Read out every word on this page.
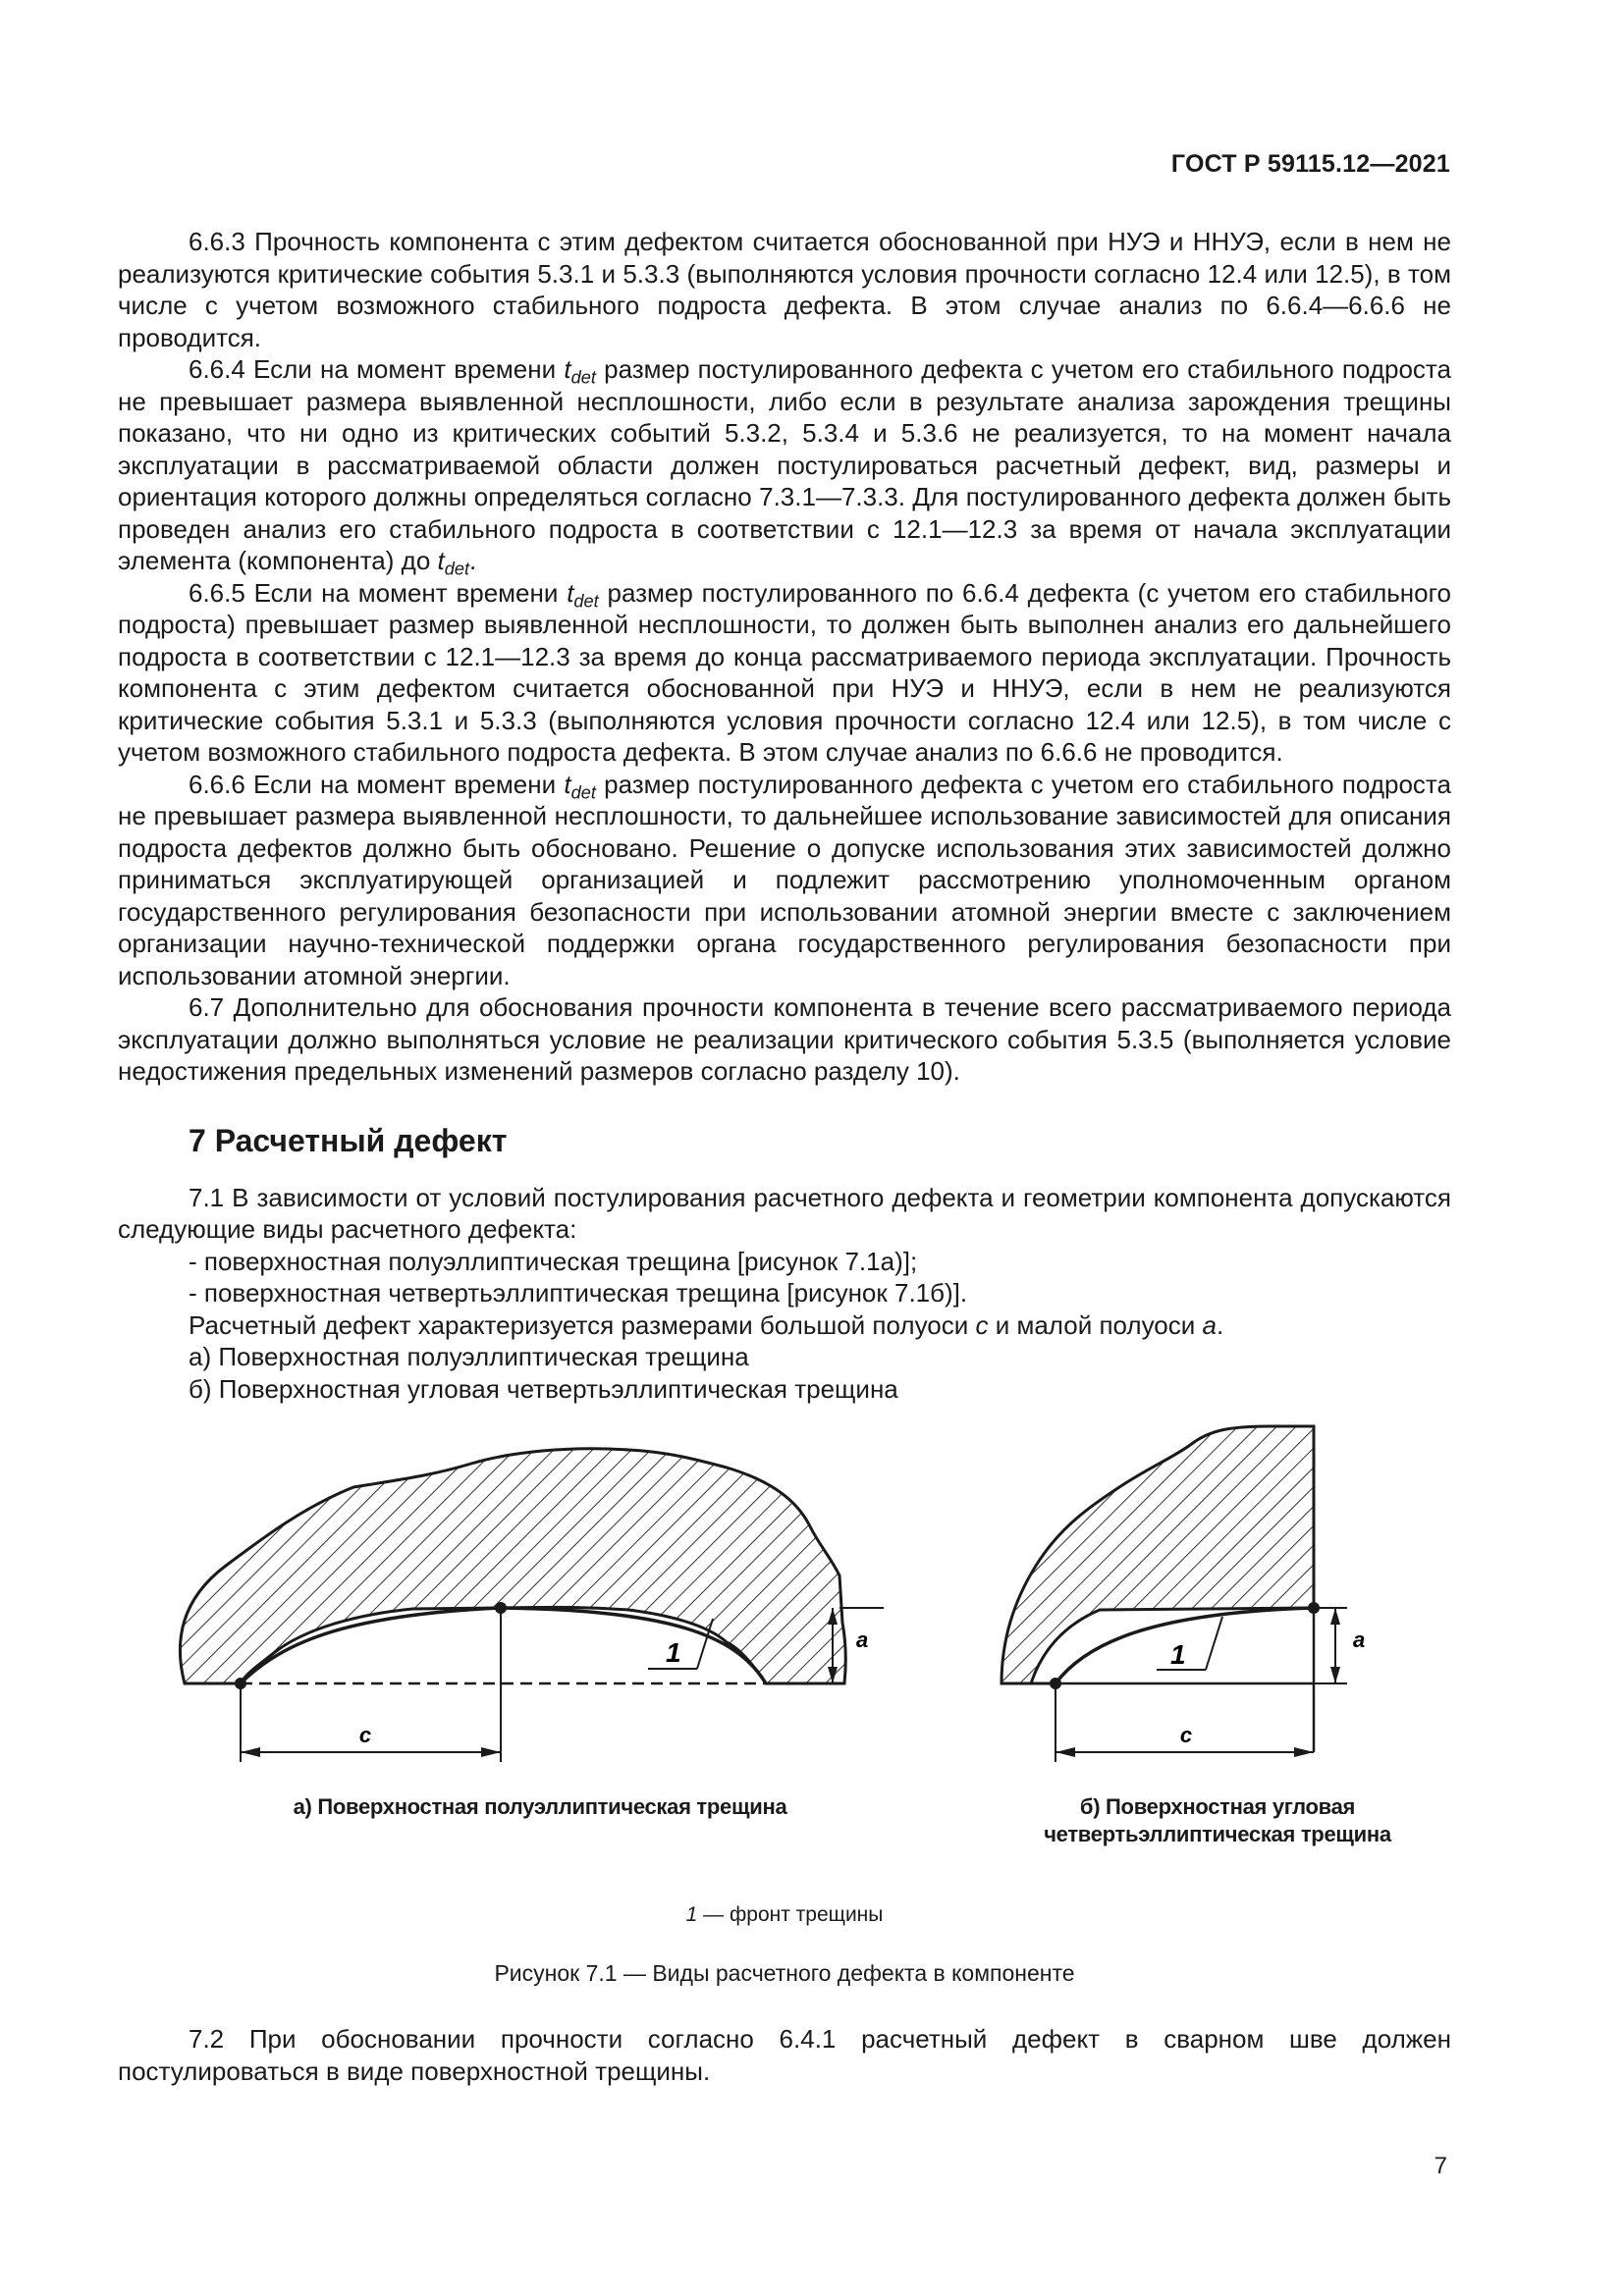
ГОСТ Р 59115.12—2021

6.6.3 Прочность компонента с этим дефектом считается обоснованной при НУЭ и ННУЭ, если в нем не реализуются критические события 5.3.1 и 5.3.3 (выполняются условия прочности согласно 12.4 или 12.5), в том числе с учетом возможного стабильного подроста дефекта. В этом случае анализ по 6.6.4—6.6.6 не проводится.

6.6.4 Если на момент времени $t_{det}$ размер постулированного дефекта с учетом его стабильного подроста не превышает размера выявленной несплошности, либо если в результате анализа зарождения трещины показано, что ни одно из критических событий 5.3.2, 5.3.4 и 5.3.6 не реализуется, то на момент начала эксплуатации в рассматриваемой области должен постулироваться расчетный дефект, вид, размеры и ориентация которого должны определяться согласно 7.3.1—7.3.3. Для постулированного дефекта должен быть проведен анализ его стабильного подроста в соответствии с 12.1—12.3 за время от начала эксплуатации элемента (компонента) до $t_{det}$.

6.6.5 Если на момент времени $t_{det}$ размер постулированного по 6.6.4 дефекта (с учетом его стабильного подроста) превышает размер выявленной несплошности, то должен быть выполнен анализ его дальнейшего подроста в соответствии с 12.1—12.3 за время до конца рассматриваемого периода эксплуатации. Прочность компонента с этим дефектом считается обоснованной при НУЭ и ННУЭ, если в нем не реализуются критические события 5.3.1 и 5.3.3 (выполняются условия прочности согласно 12.4 или 12.5), в том числе с учетом возможного стабильного подроста дефекта. В этом случае анализ по 6.6.6 не проводится.

6.6.6 Если на момент времени $t_{det}$ размер постулированного дефекта с учетом его стабильного подроста не превышает размера выявленной несплошности, то дальнейшее использование зависимостей для описания подроста дефектов должно быть обосновано. Решение о допуске использования этих зависимостей должно приниматься эксплуатирующей организацией и подлежит рассмотрению уполномоченным органом государственного регулирования безопасности при использовании атомной энергии вместе с заключением организации научно-технической поддержки органа государственного регулирования безопасности при использовании атомной энергии.

6.7 Дополнительно для обоснования прочности компонента в течение всего рассматриваемого периода эксплуатации должно выполняться условие не реализации критического события 5.3.5 (выполняется условие недостижения предельных изменений размеров согласно разделу 10).

7 Расчетный дефект

7.1 В зависимости от условий постулирования расчетного дефекта и геометрии компонента допускаются следующие виды расчетного дефекта:

- поверхностная полуэллиптическая трещина [рисунок 7.1а)];

- поверхностная четвертьэллиптическая трещина [рисунок 7.1б)].

Расчетный дефект характеризуется размерами большой полуоси c и малой полуоси a.

а) Поверхностная полуэллиптическая трещина

б) Поверхностная угловая четвертьэллиптическая трещина

c
a
1
c
a
1
а) Поверхностная полуэллиптическая трещина	б) Поверхностная угловая
четвертьэллиптическая трещина
1 — фронт трещины
Рисунок 7.1 — Виды расчетного дефекта в компоненте

7.2 При обосновании прочности согласно 6.4.1 расчетный дефект в сварном шве должен постулироваться в виде поверхностной трещины.

7
